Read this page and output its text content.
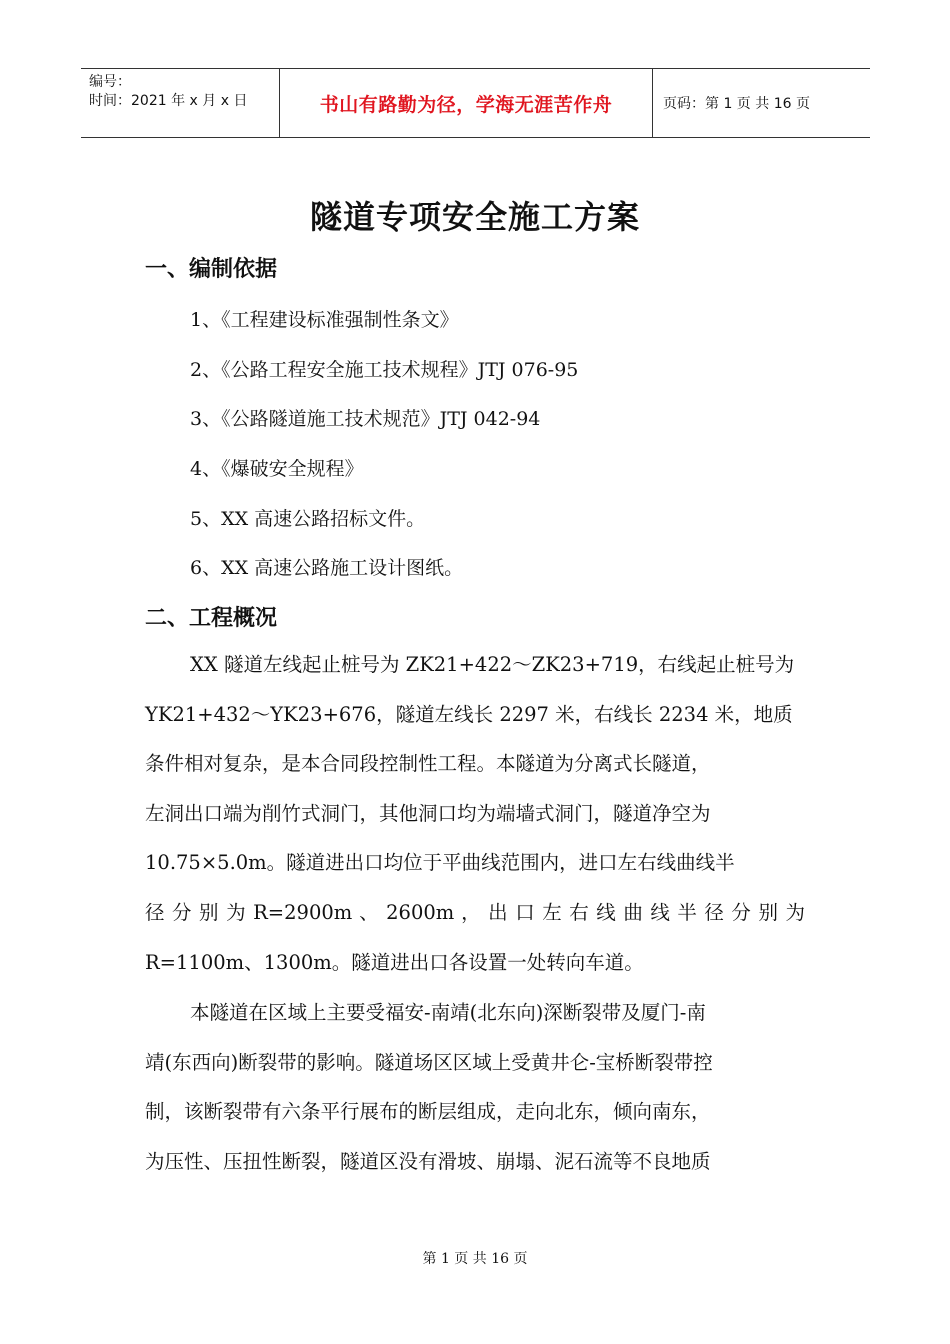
编号：
时间：2021 年 x 月 x 日	书山有路勤为径，学海无涯苦作舟	页码：第 1 页 共 16 页
隧道专项安全施工方案
一、编制依据
1、《工程建设标准强制性条文》
2、《公路工程安全施工技术规程》JTJ 076-95
3、《公路隧道施工技术规范》JTJ 042-94
4、《爆破安全规程》
5、XX 高速公路招标文件。
6、XX 高速公路施工设计图纸。
二、工程概况
XX 隧道左线起止桩号为 ZK21+422～ZK23+719，右线起止桩号为
YK21+432～YK23+676，隧道左线长 2297 米，右线长 2234 米，地质
条件相对复杂，是本合同段控制性工程。本隧道为分离式长隧道，
左洞出口端为削竹式洞门，其他洞口均为端墙式洞门，隧道净空为
10.75×5.0m。隧道进出口均位于平曲线范围内，进口左右线曲线半
径 分 别 为 R=2900m 、 2600m ， 出 口 左 右 线 曲 线 半 径 分 别 为
R=1100m、1300m。隧道进出口各设置一处转向车道。
本隧道在区域上主要受福安-南靖(北东向)深断裂带及厦门-南
靖(东西向)断裂带的影响。隧道场区区域上受黄井仑-宝桥断裂带控
制，该断裂带有六条平行展布的断层组成，走向北东，倾向南东，
为压性、压扭性断裂，隧道区没有滑坡、崩塌、泥石流等不良地质
第 1 页 共 16 页
